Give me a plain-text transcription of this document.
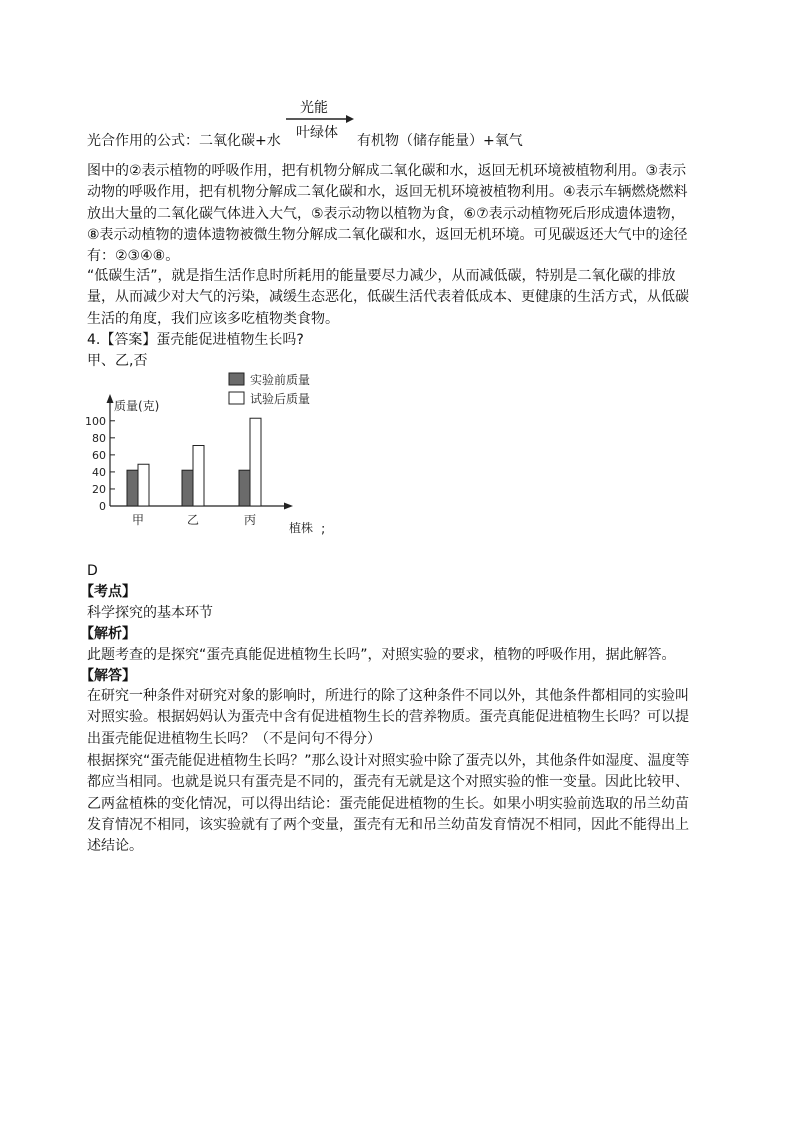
光合作用的公式：二氧化碳+水
光能
叶绿体 有机物（储存能量）+氧气

图中的②表示植物的呼吸作用，把有机物分解成二氧化碳和水，返回无机环境被植物利用。③表示动物的呼吸作用，把有机物分解成二氧化碳和水，返回无机环境被植物利用。④表示车辆燃烧燃料放出大量的二氧化碳气体进入大气，⑤表示动物以植物为食，⑥⑦表示动植物死后形成遗体遗物，⑧表示动植物的遗体遗物被微生物分解成二氧化碳和水，返回无机环境。可见碳返还大气中的途径有：②③④⑧。

“低碳生活”，就是指生活作息时所耗用的能量要尽力减少，从而减低碳，特别是二氧化碳的排放量，从而减少对大气的污染，减缓生态恶化，低碳生活代表着低成本、更健康的生活方式，从低碳生活的角度，我们应该多吃植物类食物。

4.【答案】蛋壳能促进植物生长吗?
甲、乙,否
实验前质量
试验后质量
质量(克)
植株 ;
0
20
40
60
80
100
甲	乙	丙
D
【考点】
科学探究的基本环节
【解析】
此题考查的是探究“蛋壳真能促进植物生长吗”，对照实验的要求，植物的呼吸作用，据此解答。
【解答】

在研究一种条件对研究对象的影响时，所进行的除了这种条件不同以外，其他条件都相同的实验叫对照实验。根据妈妈认为蛋壳中含有促进植物生长的营养物质。蛋壳真能促进植物生长吗？可以提出蛋壳能促进植物生长吗？（不是问句不得分）

根据探究“蛋壳能促进植物生长吗？”那么设计对照实验中除了蛋壳以外，其他条件如湿度、温度等都应当相同。也就是说只有蛋壳是不同的，蛋壳有无就是这个对照实验的惟一变量。因此比较甲、乙两盆植株的变化情况，可以得出结论：蛋壳能促进植物的生长。如果小明实验前选取的吊兰幼苗发育情况不相同，该实验就有了两个变量，蛋壳有无和吊兰幼苗发育情况不相同，因此不能得出上述结论。
